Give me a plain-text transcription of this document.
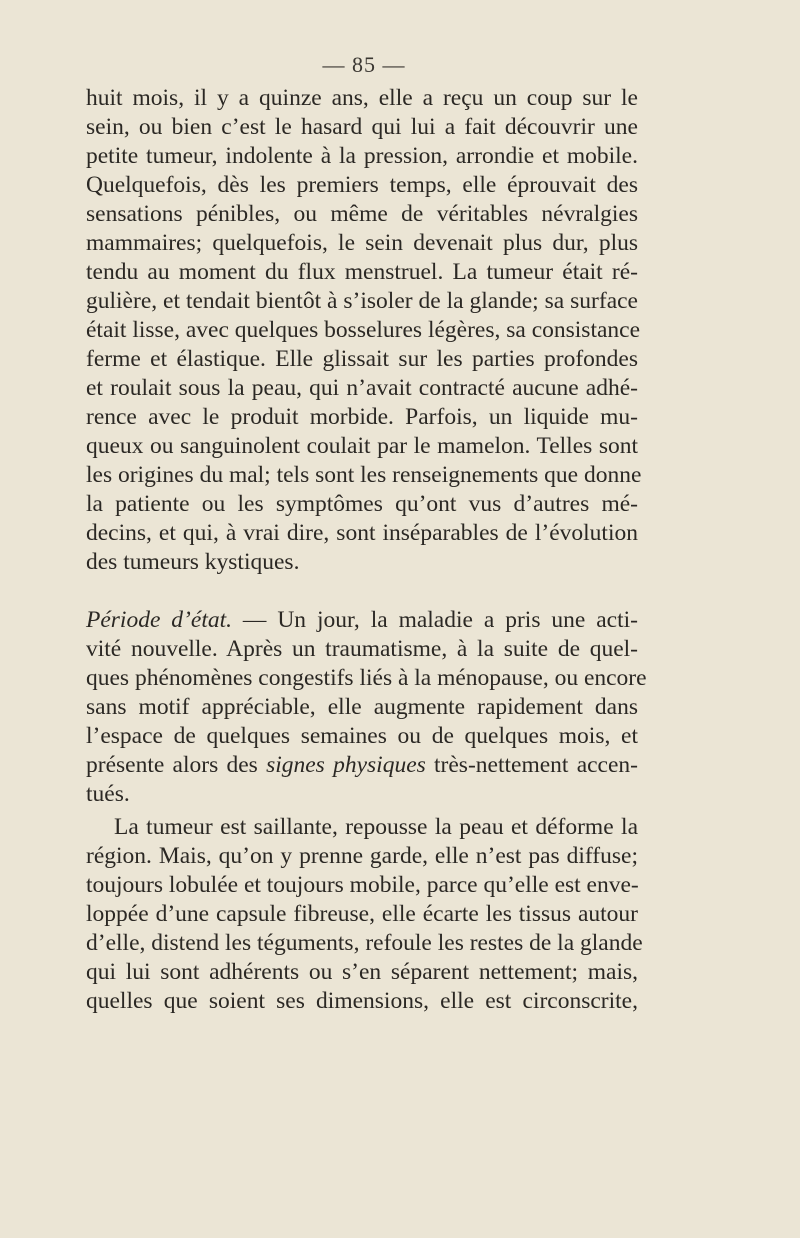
— 85 —
huit mois, il y a quinze ans, elle a reçu un coup sur le
sein, ou bien c’est le hasard qui lui a fait découvrir une
petite tumeur, indolente à la pression, arrondie et mobile.
Quelquefois, dès les premiers temps, elle éprouvait des
sensations pénibles, ou même de véritables névralgies
mammaires; quelquefois, le sein devenait plus dur, plus
tendu au moment du flux menstruel. La tumeur était ré-
gulière, et tendait bientôt à s’isoler de la glande; sa surface
était lisse, avec quelques bosselures légères, sa consistance
ferme et élastique. Elle glissait sur les parties profondes
et roulait sous la peau, qui n’avait contracté aucune adhé-
rence avec le produit morbide. Parfois, un liquide mu-
queux ou sanguinolent coulait par le mamelon. Telles sont
les origines du mal; tels sont les renseignements que donne
la patiente ou les symptômes qu’ont vus d’autres mé-
decins, et qui, à vrai dire, sont inséparables de l’évolution
des tumeurs kystiques.
Période d’état. — Un jour, la maladie a pris une acti-
vité nouvelle. Après un traumatisme, à la suite de quel-
ques phénomènes congestifs liés à la ménopause, ou encore
sans motif appréciable, elle augmente rapidement dans
l’espace de quelques semaines ou de quelques mois, et
présente alors des signes physiques très-nettement accen-
tués.
La tumeur est saillante, repousse la peau et déforme la
région. Mais, qu’on y prenne garde, elle n’est pas diffuse;
toujours lobulée et toujours mobile, parce qu’elle est enve-
loppée d’une capsule fibreuse, elle écarte les tissus autour
d’elle, distend les téguments, refoule les restes de la glande
qui lui sont adhérents ou s’en séparent nettement; mais,
quelles que soient ses dimensions, elle est circonscrite,
